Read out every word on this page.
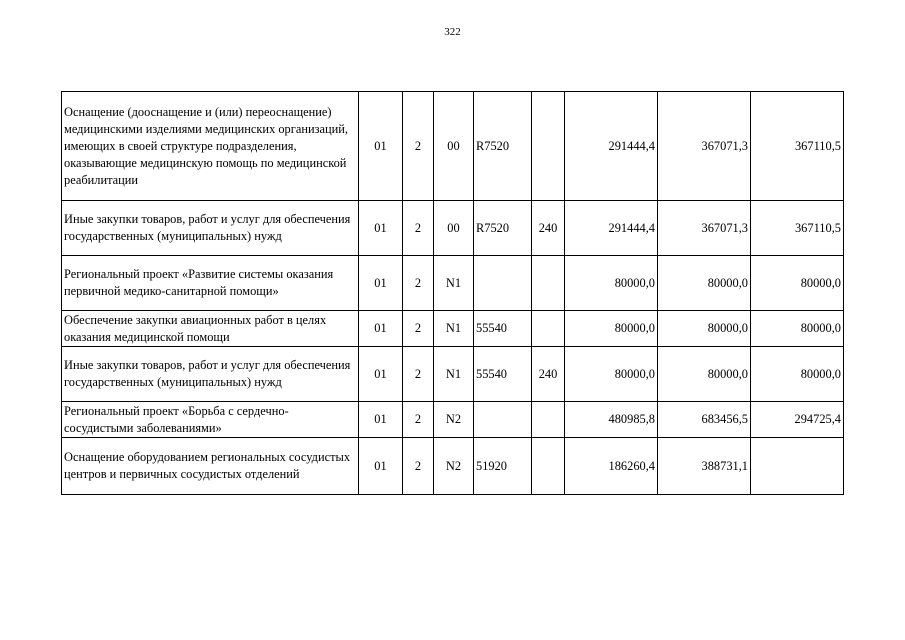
322
Оснащение (дооснащение и (или) переоснащение) медицинскими изделиями медицинских организаций, имеющих в своей структуре подразделения, оказывающие медицинскую помощь по медицинской реабилитации	01	2	00	R7520		291444,4	367071,3	367110,5
Иные закупки товаров, работ и услуг для обеспечения государственных (муниципальных) нужд	01	2	00	R7520	240	291444,4	367071,3	367110,5
Региональный проект «Развитие системы оказания первичной медико-санитарной помощи»	01	2	N1			80000,0	80000,0	80000,0
Обеспечение закупки авиационных работ в целях оказания медицинской помощи	01	2	N1	55540		80000,0	80000,0	80000,0
Иные закупки товаров, работ и услуг для обеспечения государственных (муниципальных) нужд	01	2	N1	55540	240	80000,0	80000,0	80000,0
Региональный проект «Борьба с сердечно-сосудистыми заболеваниями»	01	2	N2			480985,8	683456,5	294725,4
Оснащение оборудованием региональных сосудистых центров и первичных сосудистых отделений	01	2	N2	51920		186260,4	388731,1	
